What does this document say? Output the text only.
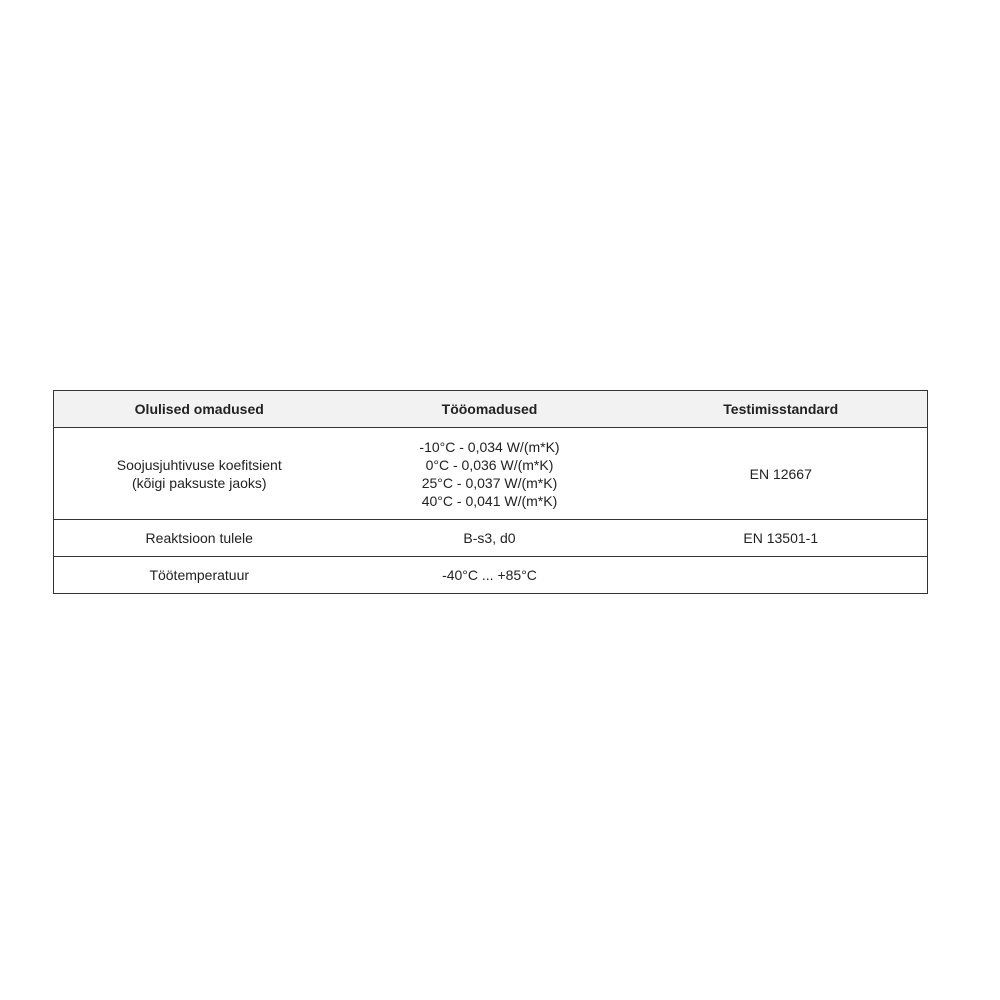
Olulised omadused	Tööomadused	Testimisstandard

Soojusjuhtivuse koefitsient
(kõigi paksuste jaoks)	-10°C - 0,034 W/(m*K)
0°C - 0,036 W/(m*K)
25°C - 0,037 W/(m*K)
40°C - 0,041 W/(m*K)	EN 12667

Reaktsioon tulele	B-s3, d0	EN 13501-1

Töötemperatuur	-40°C ... +85°C	
